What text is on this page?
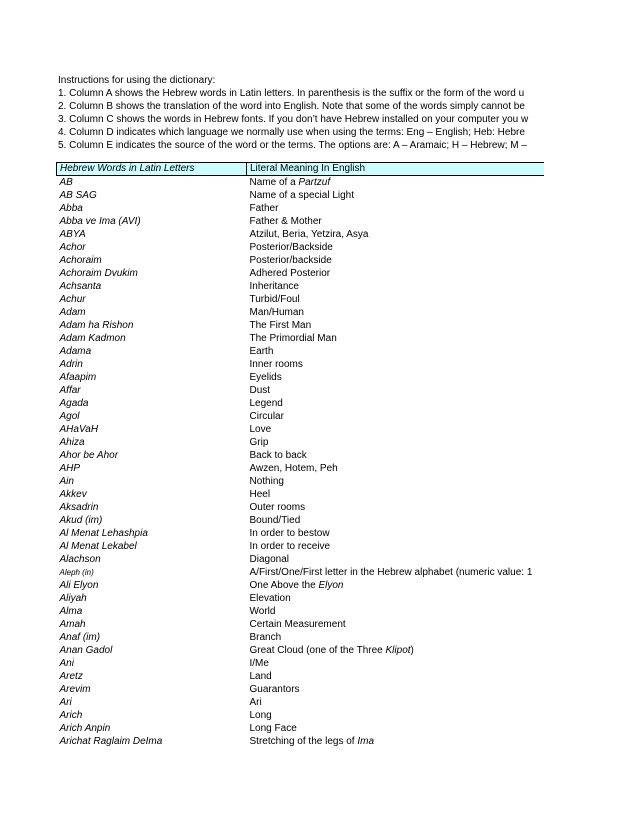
Instructions for using the dictionary:
1. Column A shows the Hebrew words in Latin letters. In parenthesis is the suffix or the form of the word u
2. Column B shows the translation of the word into English. Note that some of the words simply cannot be
3. Column C shows the words in Hebrew fonts. If you don’t have Hebrew installed on your computer you w
4. Column D indicates which language we normally use when using the terms: Eng – English; Heb: Hebre
5. Column E indicates the source of the word or the terms. The options are: A – Aramaic; H – Hebrew; M –
Hebrew Words in Latin Letters	Literal Meaning In English
AB	Name of a Partzuf
AB SAG	Name of a special Light
Abba	Father
Abba ve Ima (AVI)	Father & Mother
ABYA	Atzilut, Beria, Yetzira, Asya
Achor	Posterior/Backside
Achoraim	Posterior/backside
Achoraim Dvukim	Adhered Posterior
Achsanta	Inheritance
Achur	Turbid/Foul
Adam	Man/Human
Adam ha Rishon	The First Man
Adam Kadmon	The Primordial Man
Adama	Earth
Adrin	Inner rooms
Afaapim	Eyelids
Affar	Dust
Agada	Legend
Agol	Circular
AHaVaH	Love
Ahiza	Grip
Ahor be Ahor	Back to back
AHP	Awzen, Hotem, Peh
Ain	Nothing
Akkev	Heel
Aksadrin	Outer rooms
Akud (im)	Bound/Tied
Al Menat Lehashpia	In order to bestow
Al Menat Lekabel	In order to receive
Alachson	Diagonal
Aleph (in)	A/First/One/First letter in the Hebrew alphabet (numeric value: 1
Ali Elyon	One Above the Elyon
Aliyah	Elevation
Alma	World
Amah	Certain Measurement
Anaf (im)	Branch
Anan Gadol	Great Cloud (one of the Three Klipot)
Ani	I/Me
Aretz	Land
Arevim	Guarantors
Ari	Ari
Arich	Long
Arich Anpin	Long Face
Arichat Raglaim DeIma	Stretching of the legs of Ima
